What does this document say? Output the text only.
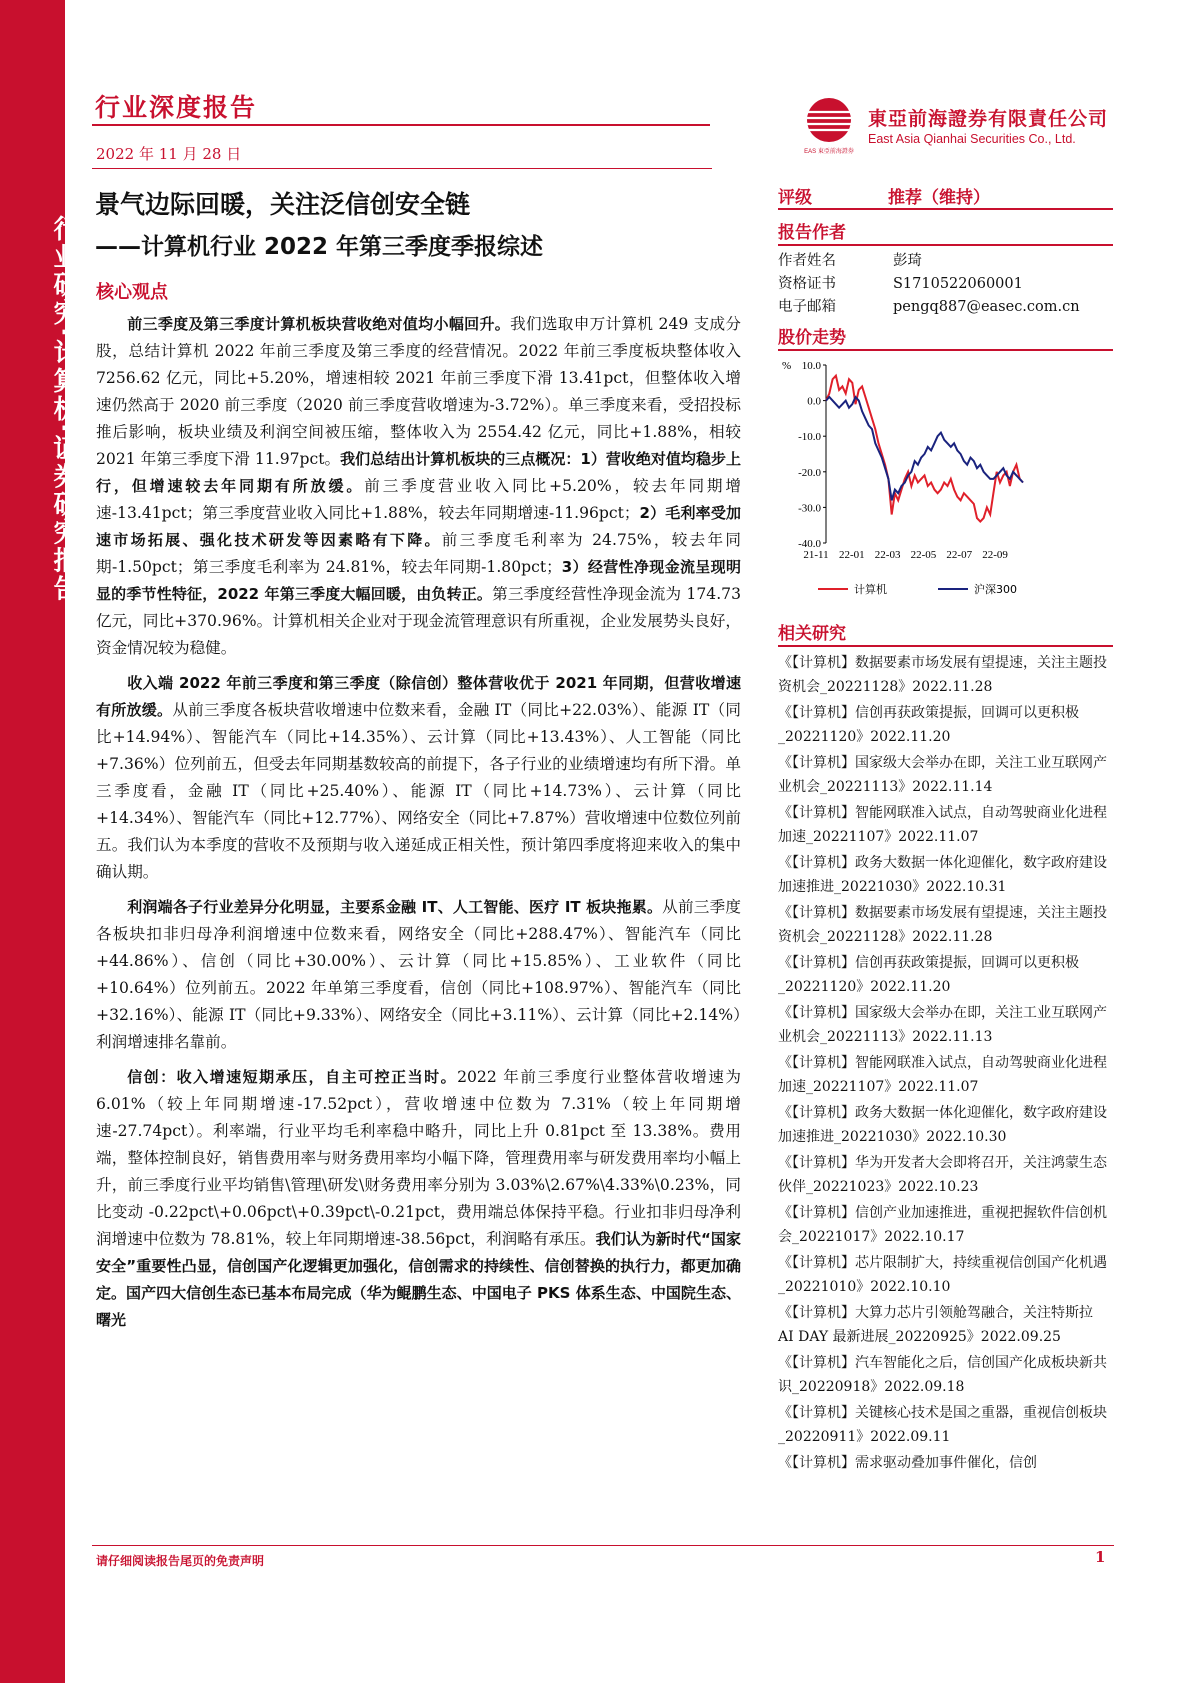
行业研究·计算机·证券研究报告
行业深度报告
2022 年 11 月 28 日	EAS 東亞前海證券
東亞前海證券有限責任公司
East Asia Qianhai Securities Co., Ltd.
景气边际回暖，关注泛信创安全链
——计算机行业 2022 年第三季度季报综述
核心观点

前三季度及第三季度计算机板块营收绝对值均小幅回升。我们选取申万计算机 249 支成分股，总结计算机 2022 年前三季度及第三季度的经营情况。2022 年前三季度板块整体收入 7256.62 亿元，同比+5.20%，增速相较 2021 年前三季度下滑 13.41pct，但整体收入增速仍然高于 2020 前三季度（2020 前三季度营收增速为-3.72%）。单三季度来看，受招投标推后影响，板块业绩及利润空间被压缩，整体收入为 2554.42 亿元，同比+1.88%，相较 2021 年第三季度下滑 11.97pct。我们总结出计算机板块的三点概况：1）营收绝对值均稳步上行，但增速较去年同期有所放缓。前三季度营业收入同比+5.20%，较去年同期增速-13.41pct；第三季度营业收入同比+1.88%，较去年同期增速-11.96pct；2）毛利率受加速市场拓展、强化技术研发等因素略有下降。前三季度毛利率为 24.75%，较去年同期-1.50pct；第三季度毛利率为 24.81%，较去年同期-1.80pct；3）经营性净现金流呈现明显的季节性特征，2022 年第三季度大幅回暖，由负转正。第三季度经营性净现金流为 174.73 亿元，同比+370.96%。计算机相关企业对于现金流管理意识有所重视，企业发展势头良好，资金情况较为稳健。

收入端 2022 年前三季度和第三季度（除信创）整体营收优于 2021 年同期，但营收增速有所放缓。从前三季度各板块营收增速中位数来看，金融 IT（同比+22.03%）、能源 IT（同比+14.94%）、智能汽车（同比+14.35%）、云计算（同比+13.43%）、人工智能（同比+7.36%）位列前五，但受去年同期基数较高的前提下，各子行业的业绩增速均有所下滑。单三季度看，金融 IT（同比+25.40%）、能源 IT（同比+14.73%）、云计算（同比+14.34%）、智能汽车（同比+12.77%）、网络安全（同比+7.87%）营收增速中位数位列前五。我们认为本季度的营收不及预期与收入递延成正相关性，预计第四季度将迎来收入的集中确认期。

利润端各子行业差异分化明显，主要系金融 IT、人工智能、医疗 IT 板块拖累。从前三季度各板块扣非归母净利润增速中位数来看，网络安全（同比+288.47%）、智能汽车（同比+44.86%）、信创（同比+30.00%）、云计算（同比+15.85%）、工业软件（同比+10.64%）位列前五。2022 年单第三季度看，信创（同比+108.97%）、智能汽车（同比+32.16%）、能源 IT（同比+9.33%）、网络安全（同比+3.11%）、云计算（同比+2.14%）利润增速排名靠前。

信创：收入增速短期承压，自主可控正当时。2022 年前三季度行业整体营收增速为 6.01%（较上年同期增速-17.52pct），营收增速中位数为 7.31%（较上年同期增速-27.74pct）。利率端，行业平均毛利率稳中略升，同比上升 0.81pct 至 13.38%。费用端，整体控制良好，销售费用率与财务费用率均小幅下降，管理费用率与研发费用率均小幅上升，前三季度行业平均销售\管理\研发\财务费用率分别为 3.03%\2.67%\4.33%\0.23%，同比变动 -0.22pct\+0.06pct\+0.39pct\-0.21pct，费用端总体保持平稳。行业扣非归母净利润增速中位数为 78.81%，较上年同期增速-38.56pct，利润略有承压。我们认为新时代“国家安全”重要性凸显，信创国产化逻辑更加强化，信创需求的持续性、信创替换的执行力，都更加确定。国产四大信创生态已基本布局完成（华为鲲鹏生态、中国电子 PKS 体系生态、中国院生态、曙光

评级	推荐（维持）
报告作者
作者姓名	彭琦
资格证书	S1710522060001
电子邮箱	pengq887@easec.com.cn
股价走势
% 10.0
0.0
-10.0
-20.0
-30.0
-40.0
21-11 22-01 22-03 22-05 22-07 22-09
计算机	沪深300
相关研究
《【计算机】数据要素市场发展有望提速，关注主题投资机会_20221128》2022.11.28
《【计算机】信创再获政策提振，回调可以更积极_20221120》2022.11.20
《【计算机】国家级大会举办在即，关注工业互联网产业机会_20221113》2022.11.14
《【计算机】智能网联准入试点，自动驾驶商业化进程加速_20221107》2022.11.07
《【计算机】政务大数据一体化迎催化，数字政府建设加速推进_20221030》2022.10.31
《【计算机】数据要素市场发展有望提速，关注主题投资机会_20221128》2022.11.28
《【计算机】信创再获政策提振，回调可以更积极_20221120》2022.11.20
《【计算机】国家级大会举办在即，关注工业互联网产业机会_20221113》2022.11.13
《【计算机】智能网联准入试点，自动驾驶商业化进程加速_20221107》2022.11.07
《【计算机】政务大数据一体化迎催化，数字政府建设加速推进_20221030》2022.10.30
《【计算机】华为开发者大会即将召开，关注鸿蒙生态伙伴_20221023》2022.10.23
《【计算机】信创产业加速推进，重视把握软件信创机会_20221017》2022.10.17
《【计算机】芯片限制扩大，持续重视信创国产化机遇_20221010》2022.10.10
《【计算机】大算力芯片引领舱驾融合，关注特斯拉 AI DAY 最新进展_20220925》2022.09.25
《【计算机】汽车智能化之后，信创国产化成板块新共识_20220918》2022.09.18
《【计算机】关键核心技术是国之重器，重视信创板块_20220911》2022.09.11
《【计算机】需求驱动叠加事件催化，信创
请仔细阅读报告尾页的免责声明	1
